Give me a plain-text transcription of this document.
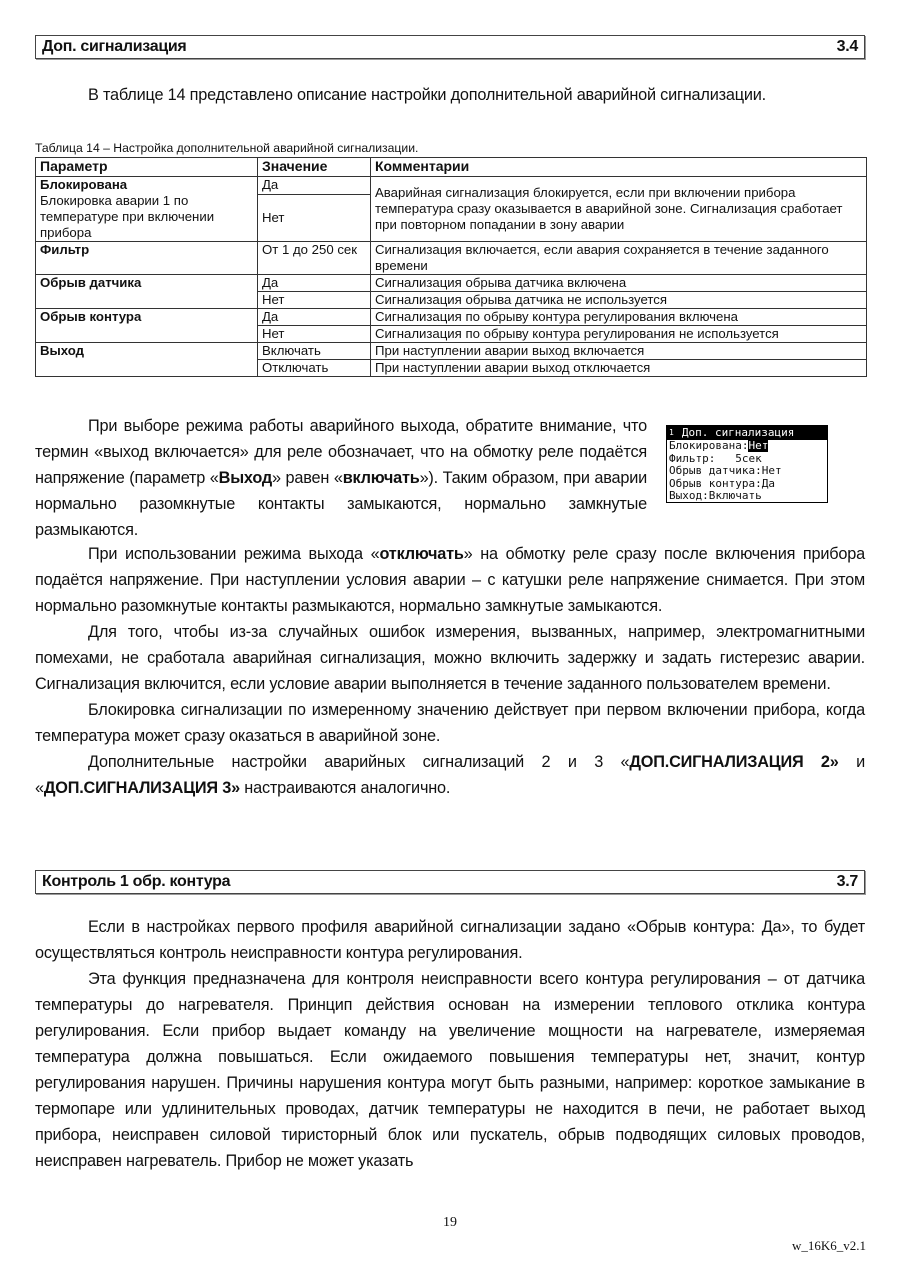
Доп. сигнализация	3.4

В таблице 14 представлено описание настройки дополнительной аварийной сигнализации.

Таблица 14 – Настройка дополнительной аварийной сигнализации.
Параметр	Значение	Комментарии

Блокирована
Блокировка аварии 1 по температуре при включении прибора	Да	Аварийная сигнализация блокируется, если при включении прибора температура сразу оказывается в аварийной зоне. Сигнализация сработает при повторном попадании в зону аварии
	Нет	
Фильтр	От 1 до 250 сек	Сигнализация включается, если авария сохраняется в течение заданного времени
Обрыв датчика	Да	Сигнализация обрыва датчика включена
	Нет	Сигнализация обрыва датчика не используется
Обрыв контура	Да	Сигнализация по обрыву контура регулирования включена
	Нет	Сигнализация по обрыву контура регулирования не используется
Выход	Включать	При наступлении аварии выход включается
	Отключать	При наступлении аварии выход отключается
$^1$ Доп. сигнализация
Блокирована:Нет
Фильтр:   5сек
Обрыв датчика:Нет
Обрыв контура:Да
Выход:Включать

При выборе режима работы аварийного выхода, обратите внимание, что термин «выход включается» для реле обозначает, что на обмотку реле подаётся напряжение (параметр «Выход» равен «включать»). Таким образом, при аварии нормально разомкнутые контакты замыкаются, нормально замкнутые размыкаются.

При использовании режима выхода «отключать» на обмотку реле сразу после включения прибора подаётся напряжение. При наступлении условия аварии – с катушки реле напряжение снимается. При этом нормально разомкнутые контакты размыкаются, нормально замкнутые замыкаются.

Для того, чтобы из-за случайных ошибок измерения, вызванных, например, электромагнитными помехами, не сработала аварийная сигнализация, можно включить задержку и задать гистерезис аварии. Сигнализация включится, если условие аварии выполняется в течение заданного пользователем времени.

Блокировка сигнализации по измеренному значению действует при первом включении прибора, когда температура может сразу оказаться в аварийной зоне.

Дополнительные настройки аварийных сигнализаций 2 и 3 «ДОП.СИГНАЛИЗАЦИЯ 2» и «ДОП.СИГНАЛИЗАЦИЯ 3» настраиваются аналогично.

Контроль 1 обр. контура	3.7

Если в настройках первого профиля аварийной сигнализации задано «Обрыв контура: Да», то будет осуществляться контроль неисправности контура регулирования.

Эта функция предназначена для контроля неисправности всего контура регулирования – от датчика температуры до нагревателя. Принцип действия основан на измерении теплового отклика контура регулирования. Если прибор выдает команду на увеличение мощности на нагревателе, измеряемая температура должна повышаться. Если ожидаемого повышения температуры нет, значит, контур регулирования нарушен. Причины нарушения контура могут быть разными, например: короткое замыкание в термопаре или удлинительных проводах, датчик температуры не находится в печи, не работает выход прибора, неисправен силовой тиристорный блок или пускатель, обрыв подводящих силовых проводов, неисправен нагреватель. Прибор не может указать

19
w_16K6_v2.1
